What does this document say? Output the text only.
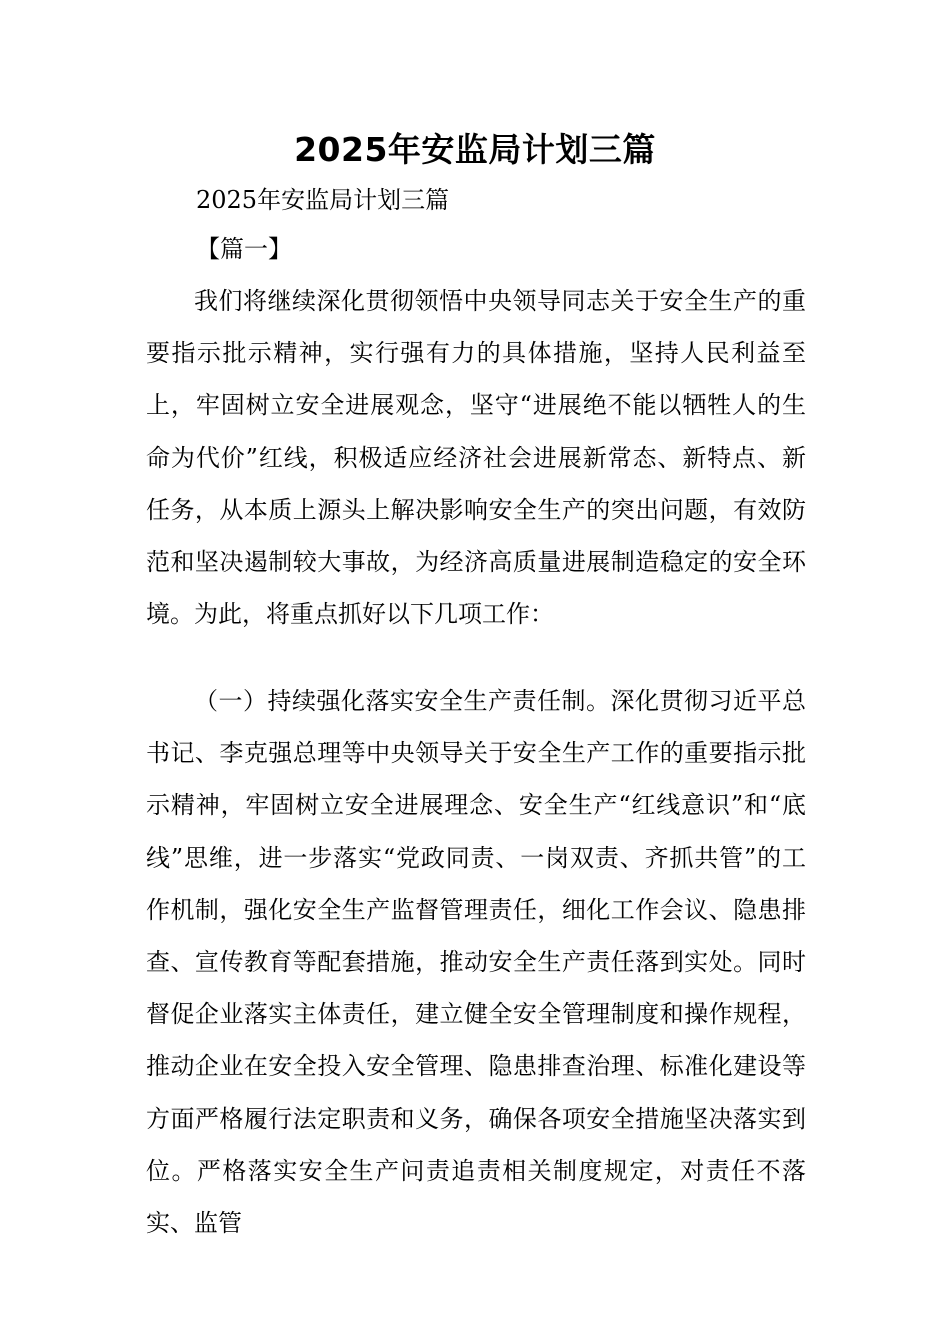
2025年安监局计划三篇
2025年安监局计划三篇
【篇一】

我们将继续深化贯彻领悟中央领导同志关于安全生产的重要指示批示精神，实行强有力的具体措施，坚持人民利益至上，牢固树立安全进展观念，坚守“进展绝不能以牺牲人的生命为代价”红线，积极适应经济社会进展新常态、新特点、新任务，从本质上源头上解决影响安全生产的突出问题，有效防范和坚决遏制较大事故，为经济高质量进展制造稳定的安全环境。为此，将重点抓好以下几项工作：

（一）持续强化落实安全生产责任制。深化贯彻习近平总书记、李克强总理等中央领导关于安全生产工作的重要指示批示精神，牢固树立安全进展理念、安全生产“红线意识”和“底线”思维，进一步落实“党政同责、一岗双责、齐抓共管”的工作机制，强化安全生产监督管理责任，细化工作会议、隐患排查、宣传教育等配套措施，推动安全生产责任落到实处。同时督促企业落实主体责任，建立健全安全管理制度和操作规程，推动企业在安全投入安全管理、隐患排查治理、标准化建设等方面严格履行法定职责和义务，确保各项安全措施坚决落实到位。严格落实安全生产问责追责相关制度规定，对责任不落实、监管
